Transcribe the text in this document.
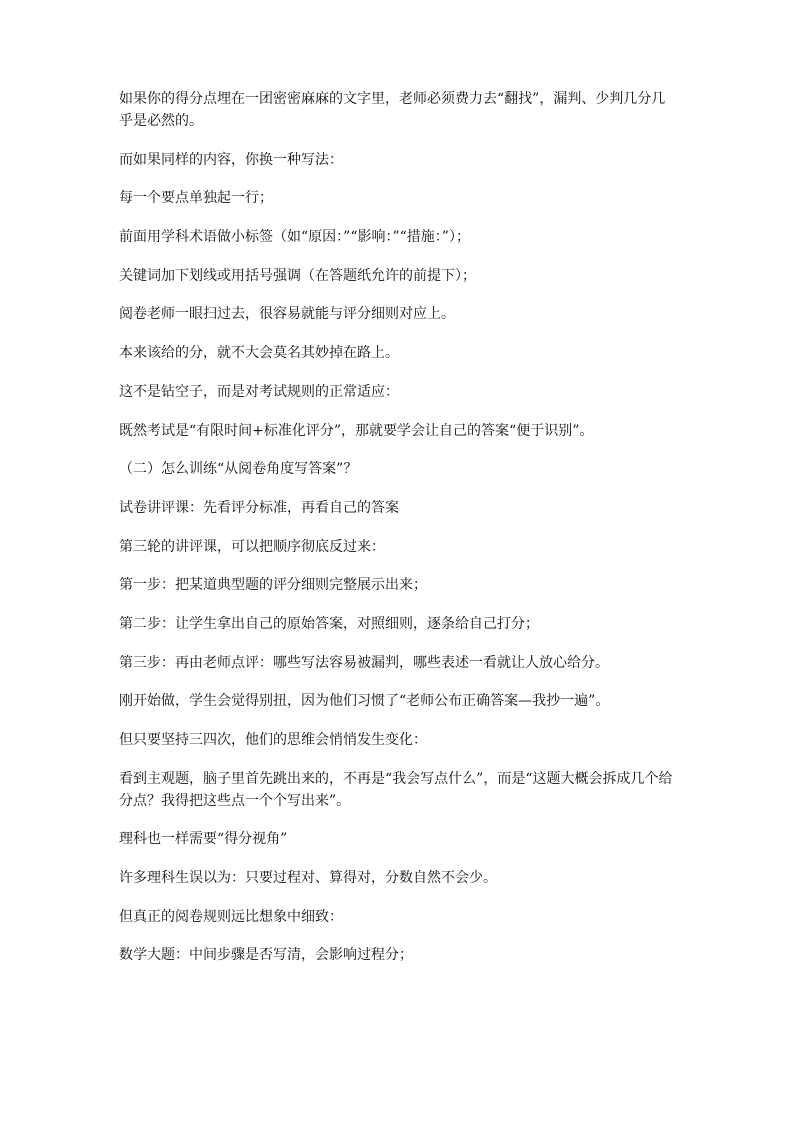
如果你的得分点埋在一团密密麻麻的文字里，老师必须费力去“翻找”，漏判、少判几分几乎是必然的。

而如果同样的内容，你换一种写法：

每一个要点单独起一行；

前面用学科术语做小标签（如“原因：”“影响：”“措施：”）；

关键词加下划线或用括号强调（在答题纸允许的前提下）；

阅卷老师一眼扫过去，很容易就能与评分细则对应上。

本来该给的分，就不大会莫名其妙掉在路上。

这不是钻空子，而是对考试规则的正常适应：

既然考试是“有限时间+标准化评分”，那就要学会让自己的答案“便于识别”。

（二）怎么训练“从阅卷角度写答案”？

试卷讲评课：先看评分标准，再看自己的答案

第三轮的讲评课，可以把顺序彻底反过来：

第一步：把某道典型题的评分细则完整展示出来；

第二步：让学生拿出自己的原始答案，对照细则，逐条给自己打分；

第三步：再由老师点评：哪些写法容易被漏判，哪些表述一看就让人放心给分。

刚开始做，学生会觉得别扭，因为他们习惯了“老师公布正确答案—我抄一遍”。

但只要坚持三四次，他们的思维会悄悄发生变化：

看到主观题，脑子里首先跳出来的，不再是“我会写点什么”，而是“这题大概会拆成几个给分点？我得把这些点一个个写出来”。

理科也一样需要“得分视角”

许多理科生误以为：只要过程对、算得对，分数自然不会少。

但真正的阅卷规则远比想象中细致：

数学大题：中间步骤是否写清，会影响过程分；
